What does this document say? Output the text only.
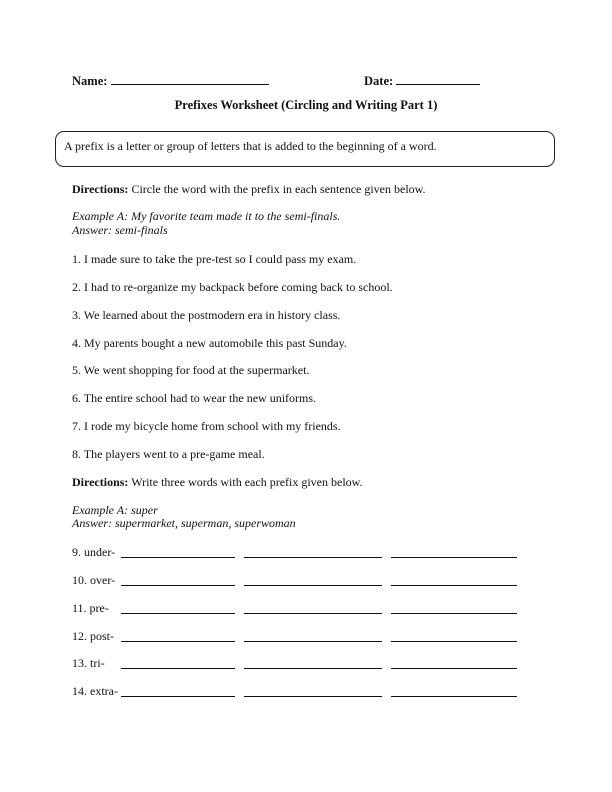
Name:	Date:
Prefixes Worksheet (Circling and Writing Part 1)
A prefix is a letter or group of letters that is added to the beginning of a word.
Directions: Circle the word with the prefix in each sentence given below.
Example A: My favorite team made it to the semi-finals.
Answer: semi-finals
1. I made sure to take the pre-test so I could pass my exam.
2. I had to re-organize my backpack before coming back to school.
3. We learned about the postmodern era in history class.
4. My parents bought a new automobile this past Sunday.
5. We went shopping for food at the supermarket.
6. The entire school had to wear the new uniforms.
7. I rode my bicycle home from school with my friends.
8. The players went to a pre-game meal.
Directions: Write three words with each prefix given below.
Example A: super
Answer: supermarket, superman, superwoman
9. under-
10. over-
11. pre-
12. post-
13. tri-
14. extra-
